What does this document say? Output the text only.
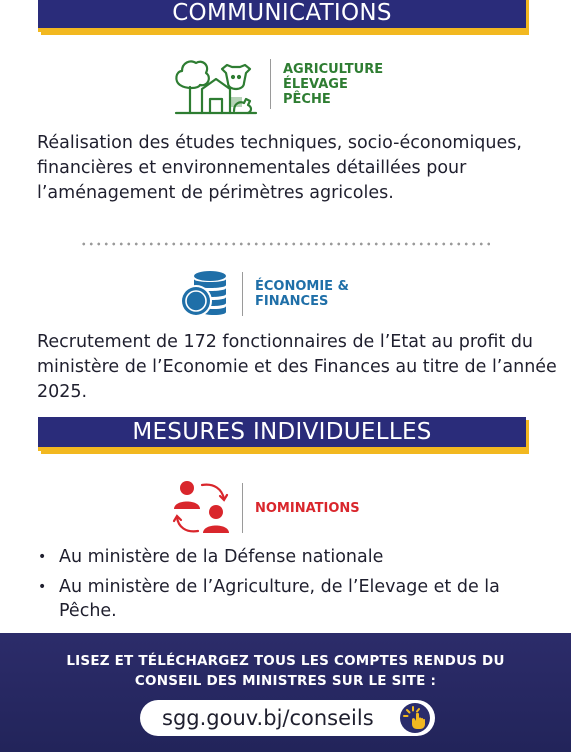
COMMUNICATIONS
AGRICULTURE
ÉLEVAGE
PÊCHE

Réalisation des études techniques, socio-économiques, financières et environnementales détaillées pour l’aménagement de périmètres agricoles.

ÉCONOMIE &
FINANCES

Recrutement de 172 fonctionnaires de l’Etat au profit du ministère de l’Economie et des Finances au titre de l’année 2025.

MESURES INDIVIDUELLES
NOMINATIONS
• Au ministère de la Défense nationale
• Au ministère de l’Agriculture, de l’Elevage et de la Pêche.
LISEZ ET TÉLÉCHARGEZ TOUS LES COMPTES RENDUS DU
CONSEIL DES MINISTRES SUR LE SITE :
sgg.gouv.bj/conseils
